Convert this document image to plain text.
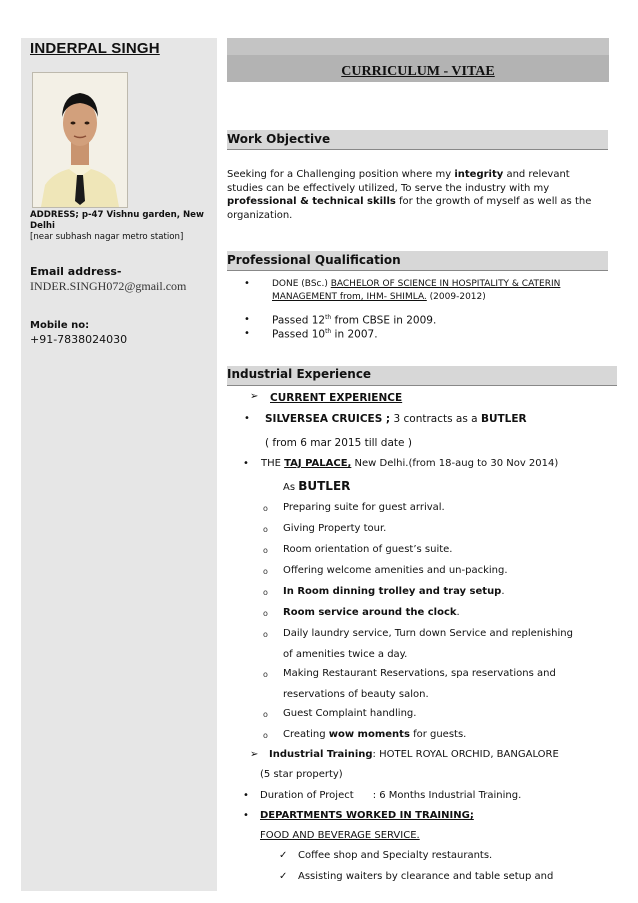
INDERPAL SINGH
ADDRESS; p-47 Vishnu garden, New Delhi
[near subhash nagar metro station]
Email address-
INDER.SINGH072@gmail.com
Mobile no:
+91-7838024030
CURRICULUM - VITAE
Work Objective
Seeking for a Challenging position where my integrity and relevant studies can be effectively utilized, To serve the industry with my professional & technical skills for the growth of myself as well as the organization.
Professional Qualification
• DONE (BSc.) BACHELOR OF SCIENCE IN HOSPITALITY & CATERIN
MANAGEMENT from, IHM- SHIMLA. (2009-2012)
• Passed 12th from CBSE in 2009.
• Passed 10th in 2007.
Industrial Experience
➢ CURRENT EXPERIENCE
• SILVERSEA CRUICES ; 3 contracts as a BUTLER
( from 6 mar 2015 till date )
• THE TAJ PALACE, New Delhi.(from 18-aug to 30 Nov 2014)
As BUTLER
o Preparing suite for guest arrival.
o Giving Property tour.
o Room orientation of guest’s suite.
o Offering welcome amenities and un-packing.
o In Room dinning trolley and tray setup.
o Room service around the clock.
o Daily laundry service, Turn down Service and replenishing
of amenities twice a day.
o Making Restaurant Reservations, spa reservations and
reservations of beauty salon.
o Guest Complaint handling.
o Creating wow moments for guests.
➢ Industrial Training: HOTEL ROYAL ORCHID, BANGALORE
(5 star property)
• Duration of Project      : 6 Months Industrial Training.
• DEPARTMENTS WORKED IN TRAINING;
FOOD AND BEVERAGE SERVICE.
✓ Coffee shop and Specialty restaurants.
✓ Assisting waiters by clearance and table setup and
